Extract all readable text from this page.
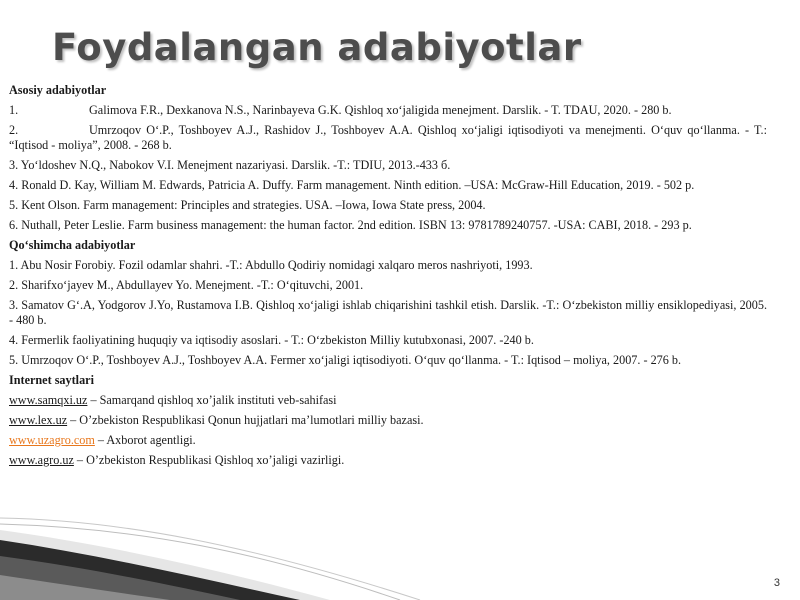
Foydalangan adabiyotlar

Asosiy adabiyotlar

1.	Galimova F.R., Dexkanova N.S., Narinbayeva G.K. Qishloq xo‘jaligida menejment. Darslik. - T. TDAU, 2020. - 280 b.

2.	Umrzoqov O‘.P., Toshboyev A.J., Rashidov J., Toshboyev A.A. Qishloq xo‘jaligi iqtisodiyoti va menejmenti. O‘quv qo‘llanma. - T.: “Iqtisod - moliya”, 2008. - 268 b.

3. Yo‘ldoshev N.Q., Nabokov V.I. Menejment nazariyasi. Darslik. -T.: TDIU, 2013.-433 б.

4. Ronald D. Kay, William M. Edwards, Patricia A. Duffy. Farm management. Ninth edition. –USA: McGraw-Hill Education, 2019. - 502 p.

5. Kent Olson. Farm management: Principles and strategies. USA. –Iowa, Iowa State press, 2004.

6. Nuthall, Peter Leslie. Farm business management: the human factor. 2nd edition. ISBN 13: 9781789240757. -USA: CABI, 2018. - 293 p.

Qo‘shimcha adabiyotlar

1. Abu Nosir Forobiy. Fozil odamlar shahri. -T.: Abdullo Qodiriy nomidagi xalqaro meros nashriyoti, 1993.

2. Sharifxo‘jayev M., Abdullayev Yo. Menejment. -T.: O‘qituvchi, 2001.

3. Samatov G‘.A, Yodgorov J.Yo, Rustamova I.B. Qishloq xo‘jaligi ishlab chiqarishini tashkil etish. Darslik. -T.: O‘zbekiston milliy ensiklopediyasi, 2005. - 480 b.

4. Fermerlik faoliyatining huquqiy va iqtisodiy asoslari. - T.: O‘zbekiston Milliy kutubxonasi, 2007. -240 b.

5. Umrzoqov O‘.P., Toshboyev A.J., Toshboyev A.A. Fermer xo‘jaligi iqtisodiyoti. O‘quv qo‘llanma. - T.: Iqtisod – moliya, 2007. - 276 b.

Internet saytlari

www.samqxi.uz – Samarqand qishloq xo’jalik instituti veb-sahifasi

www.lex.uz – O’zbekiston Respublikasi Qonun hujjatlari ma’lumotlari milliy bazasi.

www.uzagro.com – Axborot agentligi.

www.agro.uz – O’zbekiston Respublikasi Qishloq xo’jaligi vazirligi.

3
